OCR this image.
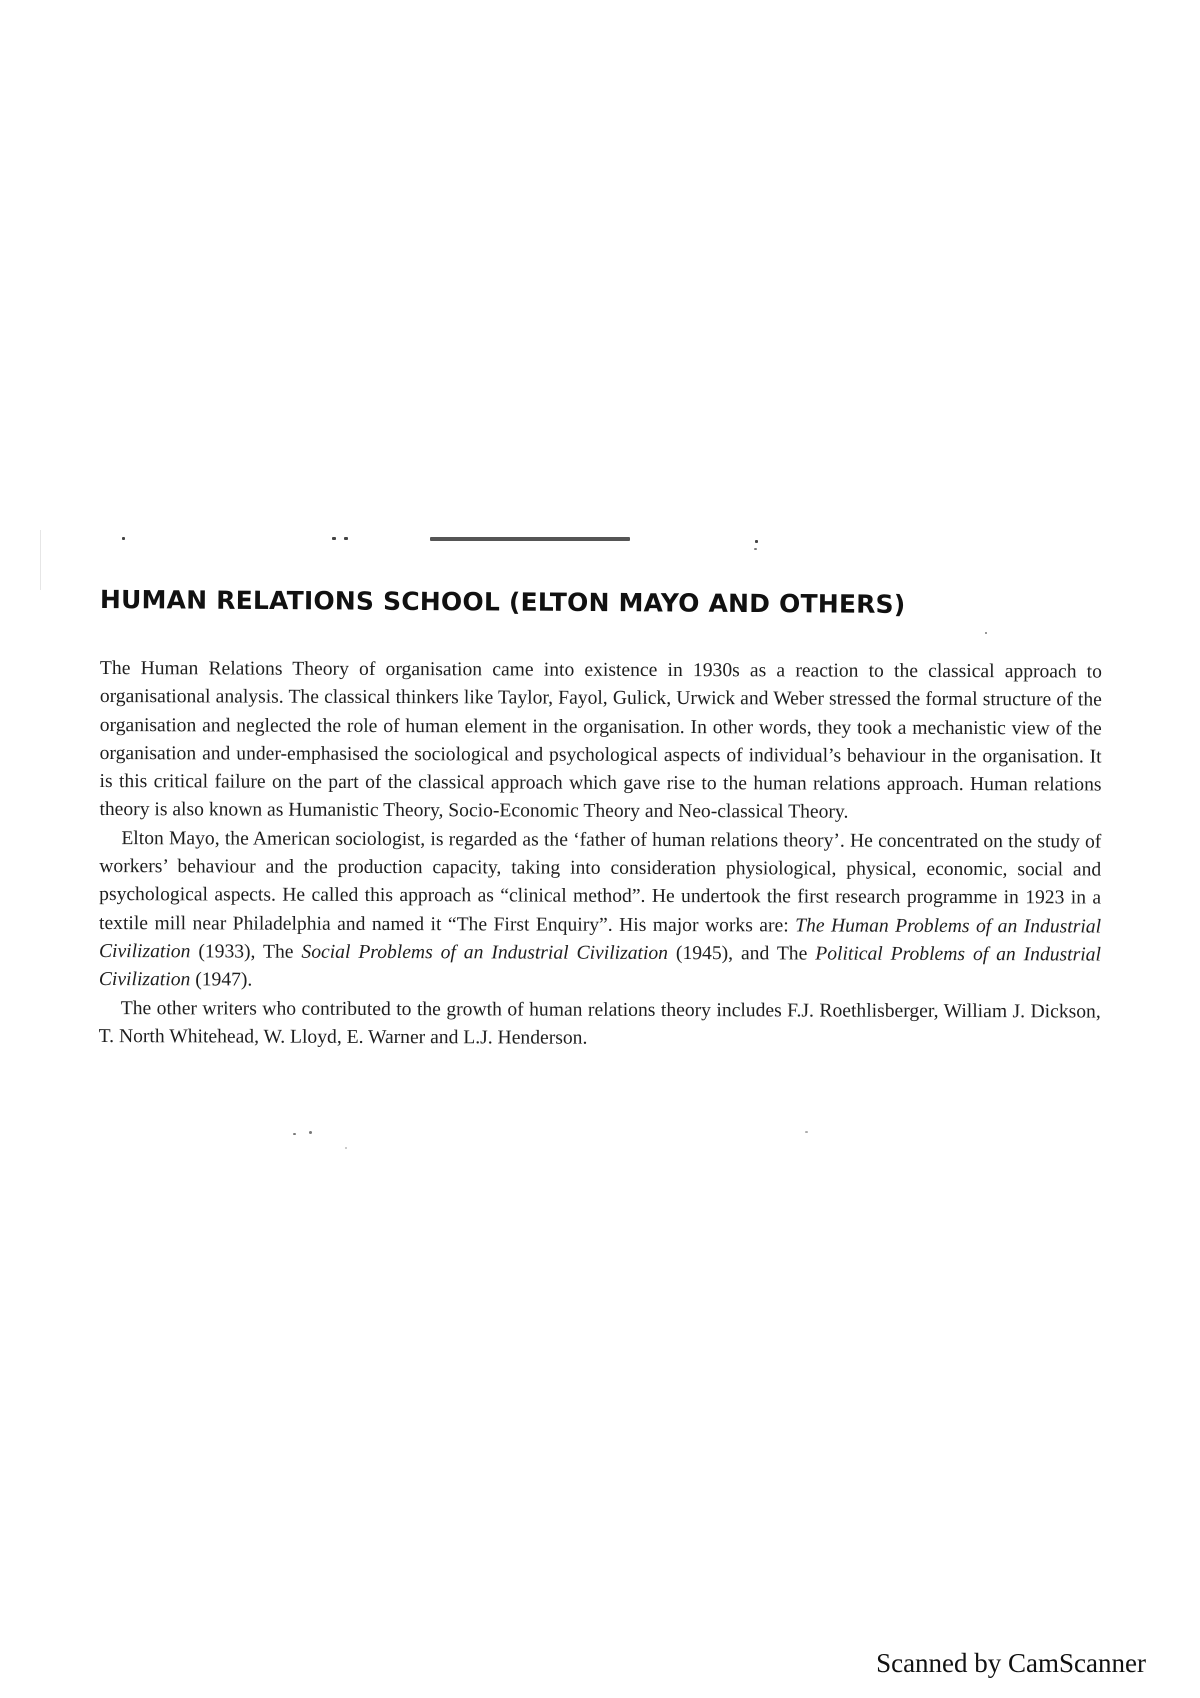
HUMAN RELATIONS SCHOOL (ELTON MAYO AND OTHERS)

The Human Relations Theory of organisation came into existence in 1930s as a reaction to the classical approach to organisational analysis. The classical thinkers like Taylor, Fayol, Gulick, Urwick and Weber stressed the formal structure of the organisation and neglected the role of human element in the organisation. In other words, they took a mechanistic view of the organisation and under-emphasised the sociological and psychological aspects of individual’s behaviour in the organisation. It is this critical failure on the part of the classical approach which gave rise to the human relations approach. Human relations theory is also known as Humanistic Theory, Socio-Economic Theory and Neo-classical Theory.

Elton Mayo, the American sociologist, is regarded as the ‘father of human relations theory’. He concentrated on the study of workers’ behaviour and the production capacity, taking into consideration physiological, physical, economic, social and psychological aspects. He called this approach as “clinical method”. He undertook the first research programme in 1923 in a textile mill near Philadelphia and named it “The First Enquiry”. His major works are: The Human Problems of an Industrial Civilization (1933), The Social Problems of an Industrial Civilization (1945), and The Political Problems of an Industrial Civilization (1947).

The other writers who contributed to the growth of human relations theory includes F.J. Roethlisberger, William J. Dickson, T. North Whitehead, W. Lloyd, E. Warner and L.J. Henderson.

Scanned by CamScanner
